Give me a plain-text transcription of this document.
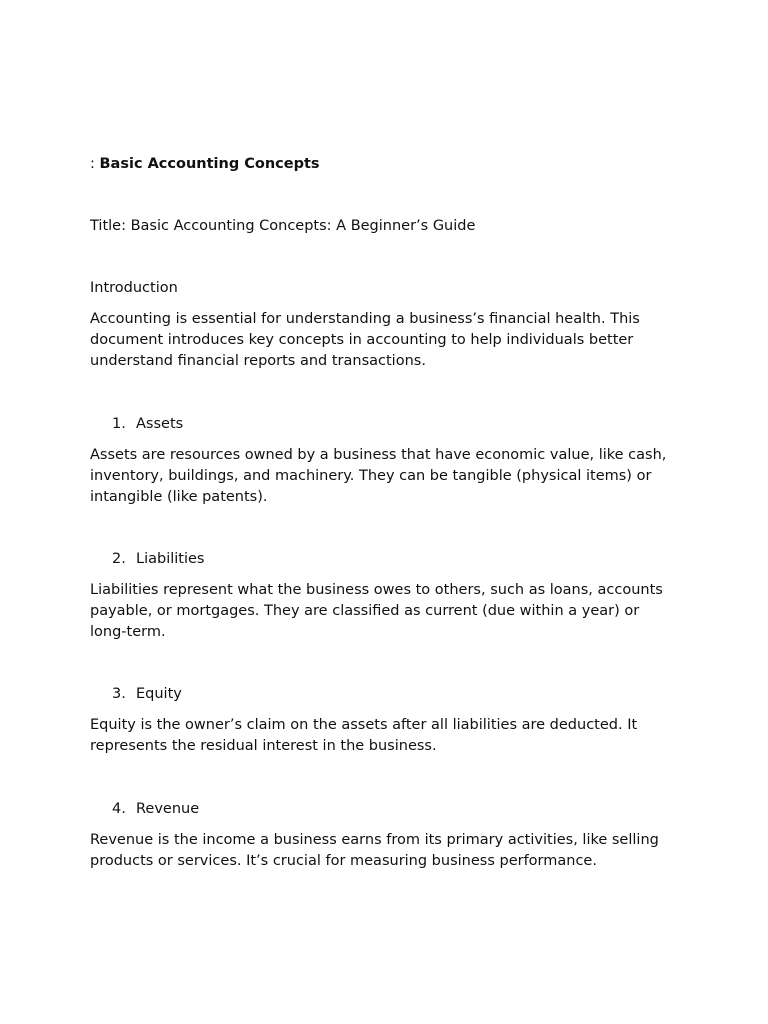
: Basic Accounting Concepts
Title: Basic Accounting Concepts: A Beginner’s Guide
Introduction

Accounting is essential for understanding a business’s financial health. This document introduces key concepts in accounting to help individuals better understand financial reports and transactions.

1. Assets

Assets are resources owned by a business that have economic value, like cash, inventory, buildings, and machinery. They can be tangible (physical items) or intangible (like patents).

2. Liabilities

Liabilities represent what the business owes to others, such as loans, accounts payable, or mortgages. They are classified as current (due within a year) or long-term.

3. Equity

Equity is the owner’s claim on the assets after all liabilities are deducted. It represents the residual interest in the business.

4. Revenue

Revenue is the income a business earns from its primary activities, like selling products or services. It’s crucial for measuring business performance.
